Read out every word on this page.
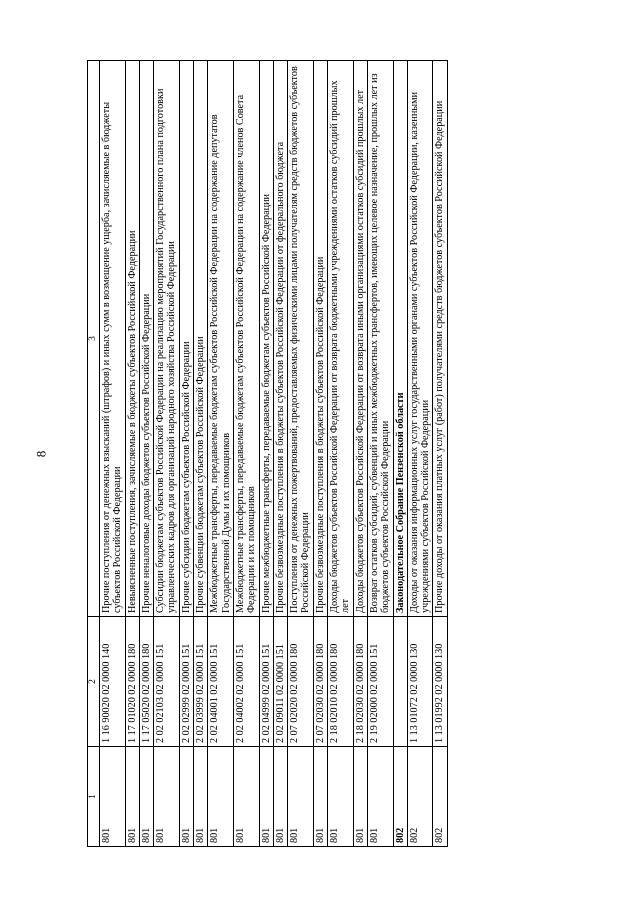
8
1	2	3
801	1 16 90020 02 0000 140	Прочие поступления от денежных взысканий (штрафов) и иных сумм в возмещение ущерба, зачисляемые в бюджеты субъектов Российской Федерации
801	1 17 01020 02 0000 180	Невыясненные поступления, зачисляемые в бюджеты субъектов Российской Федерации
801	1 17 05020 02 0000 180	Прочие неналоговые доходы бюджетов субъектов Российской Федерации
801	2 02 02103 02 0000 151	Субсидии бюджетам субъектов Российской Федерации на реализацию мероприятий Государственного плана подготовки управленческих кадров для организаций народного хозяйства Российской Федерации
801	2 02 02999 02 0000 151	Прочие субсидии бюджетам субъектов Российской Федерации
801	2 02 03999 02 0000 151	Прочие субвенции бюджетам субъектов Российской Федерации
801	2 02 04001 02 0000 151	Межбюджетные трансферты, передаваемые бюджетам субъектов Российской Федерации на содержание депутатов Государственной Думы и их помощников
801	2 02 04002 02 0000 151	Межбюджетные трансферты, передаваемые бюджетам субъектов Российской Федерации на содержание членов Совета Федерации и их помощников
801	2 02 04999 02 0000 151	Прочие межбюджетные трансферты, передаваемые бюджетам субъектов Российской Федерации
801	2 02 09011 02 0000 151	Прочие безвозмездные поступления в бюджеты субъектов Российской Федерации от федерального бюджета
801	2 07 02020 02 0000 180	Поступления от денежных пожертвований, предоставляемых физическими лицами получателям средств бюджетов субъектов Российской Федерации
801	2 07 02030 02 0000 180	Прочие безвозмездные поступления в бюджеты субъектов Российской Федерации
801	2 18 02010 02 0000 180	Доходы бюджетов субъектов Российской Федерации от возврата бюджетными учреждениями остатков субсидий прошлых лет
801	2 18 02030 02 0000 180	Доходы бюджетов субъектов Российской Федерации от возврата иными организациями остатков субсидий прошлых лет
801	2 19 02000 02 0000 151	Возврат остатков субсидий, субвенций и иных межбюджетных трансфертов, имеющих целевое назначение, прошлых лет из бюджетов субъектов Российской Федерации
802		Законодательное Собрание Пензенской области
802	1 13 01072 02 0000 130	Доходы от оказания информационных услуг государственными органами субъектов Российской Федерации, казенными учреждениями субъектов Российской Федерации
802	1 13 01992 02 0000 130	Прочие доходы от оказания платных услуг (работ) получателями средств бюджетов субъектов Российской Федерации
